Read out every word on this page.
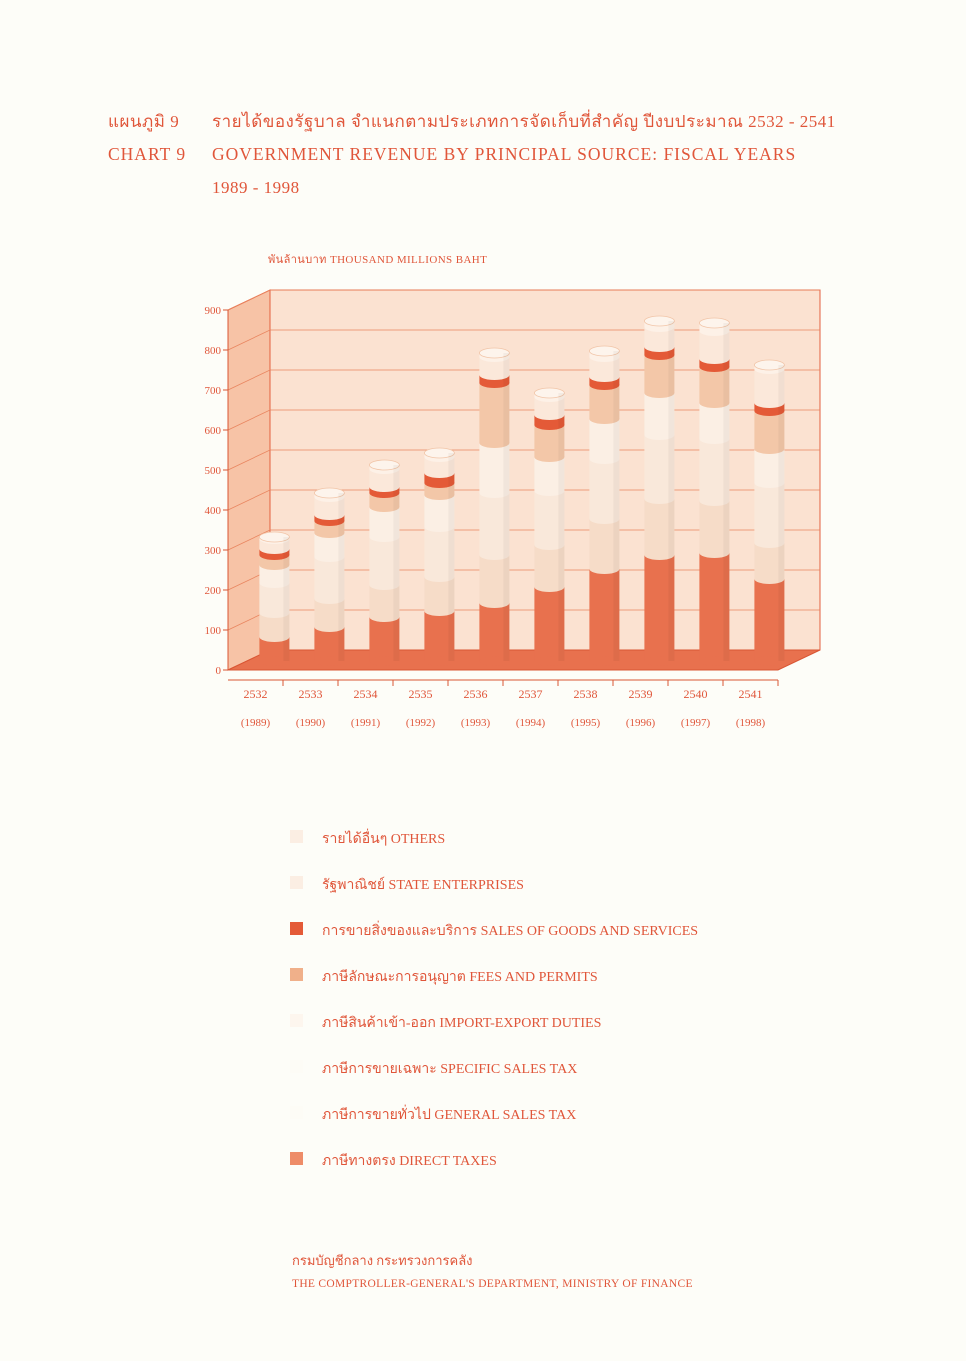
แผนภูมิ 9 รายได้ของรัฐบาล จำแนกตามประเภทการจัดเก็บที่สำคัญ ปีงบประมาณ 2532 - 2541
CHART 9 GOVERNMENT REVENUE BY PRINCIPAL SOURCE: FISCAL YEARS
1989 - 1998
พันล้านบาท THOUSAND MILLIONS BAHT
0
100
200
300
400
500
600
700
800
900
2532
(1989)
2533
(1990)
2534
(1991)
2535
(1992)
2536
(1993)
2537
(1994)
2538
(1995)
2539
(1996)
2540
(1997)
2541
(1998)
รายได้อื่นๆ OTHERS
รัฐพาณิชย์ STATE ENTERPRISES
การขายสิ่งของและบริการ SALES OF GOODS AND SERVICES
ภาษีลักษณะการอนุญาต FEES AND PERMITS
ภาษีสินค้าเข้า-ออก IMPORT-EXPORT DUTIES
ภาษีการขายเฉพาะ SPECIFIC SALES TAX
ภาษีการขายทั่วไป GENERAL SALES TAX
ภาษีทางตรง DIRECT TAXES
กรมบัญชีกลาง กระทรวงการคลัง
THE COMPTROLLER-GENERAL'S DEPARTMENT, MINISTRY OF FINANCE
